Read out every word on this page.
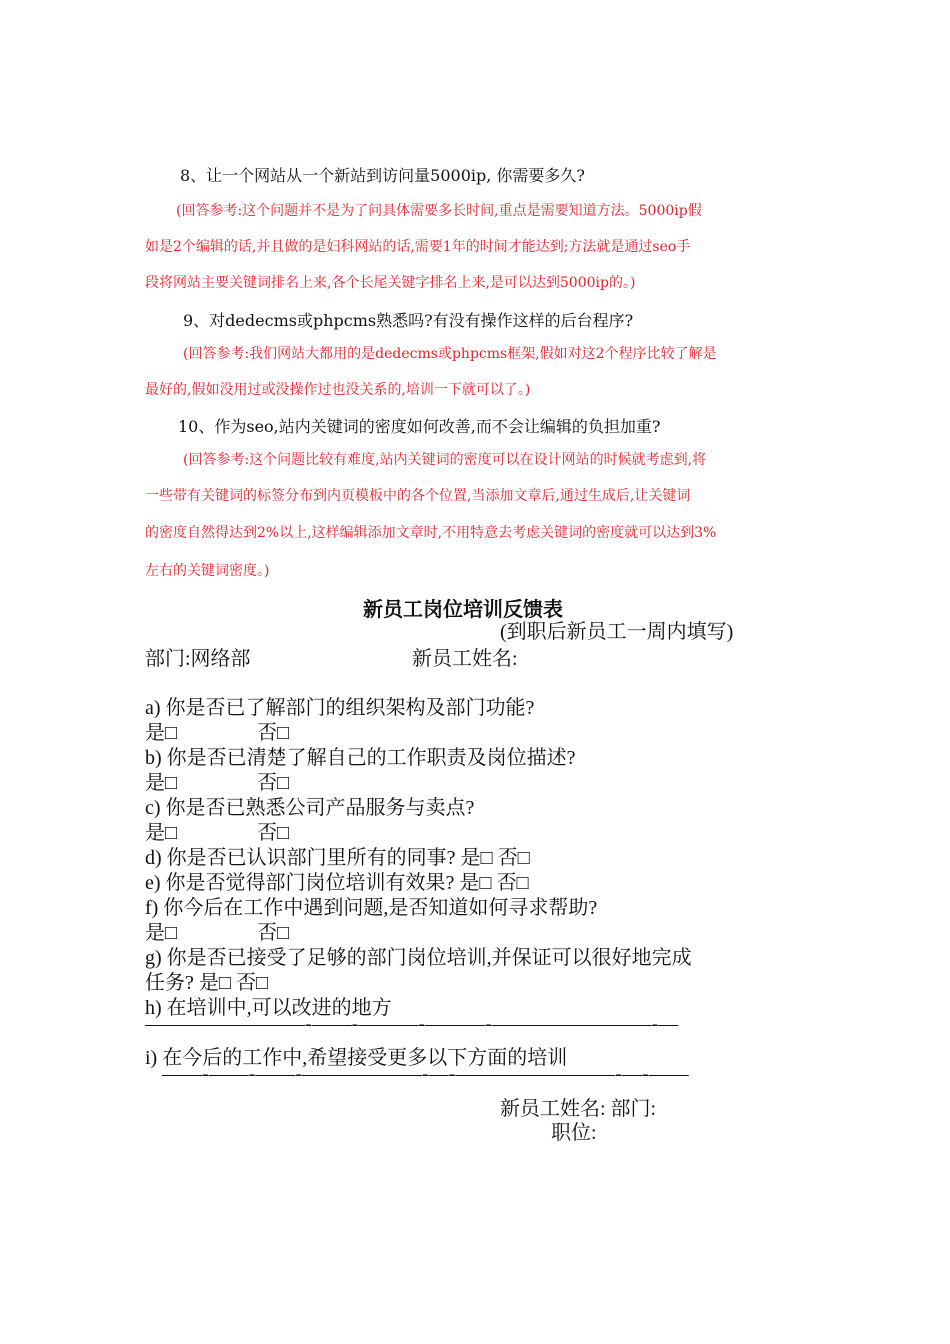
8、让一个网站从一个新站到访问量5000ip, 你需要多久?
(回答参考:这个问题并不是为了问具体需要多长时间,重点是需要知道方法。5000ip假
如是2个编辑的话,并且做的是妇科网站的话,需要1年的时间才能达到;方法就是通过seo手
段将网站主要关键词排名上来,各个长尾关键字排名上来,是可以达到5000ip的。)
9、对dedecms或phpcms熟悉吗?有没有操作这样的后台程序?
(回答参考:我们网站大都用的是dedecms或phpcms框架,假如对这2个程序比较了解是
最好的,假如没用过或没操作过也没关系的,培训一下就可以了。)
10、作为seo,站内关键词的密度如何改善,而不会让编辑的负担加重?
(回答参考:这个问题比较有难度,站内关键词的密度可以在设计网站的时候就考虑到,将
一些带有关键词的标签分布到内页模板中的各个位置,当添加文章后,通过生成后,让关键词
的密度自然得达到2%以上,这样编辑添加文章时,不用特意去考虑关键词的密度就可以达到3%
左右的关键词密度。)
新员工岗位培训反馈表
(到职后新员工一周内填写)
部门:网络部	新员工姓名:
a) 你是否已了解部门的组织架构及部门功能?
是□	否□
b) 你是否已清楚了解自己的工作职责及岗位描述?
是□	否□
c) 你是否已熟悉公司产品服务与卖点?
是□	否□
d) 你是否已认识部门里所有的同事? 是□ 否□
e) 你是否觉得部门岗位培训有效果? 是□ 否□
f) 你今后在工作中遇到问题,是否知道如何寻求帮助?
是□	否□
g) 你是否已接受了足够的部门岗位培训,并保证可以很好地完成
任务? 是□ 否□
h) 在培训中,可以改进的地方
————————-——-———-———-————————-—
i) 在今后的工作中,希望接受更多以下方面的培训
——-——-——-——————-—-————————-—-——
新员工姓名: 部门:
职位:
